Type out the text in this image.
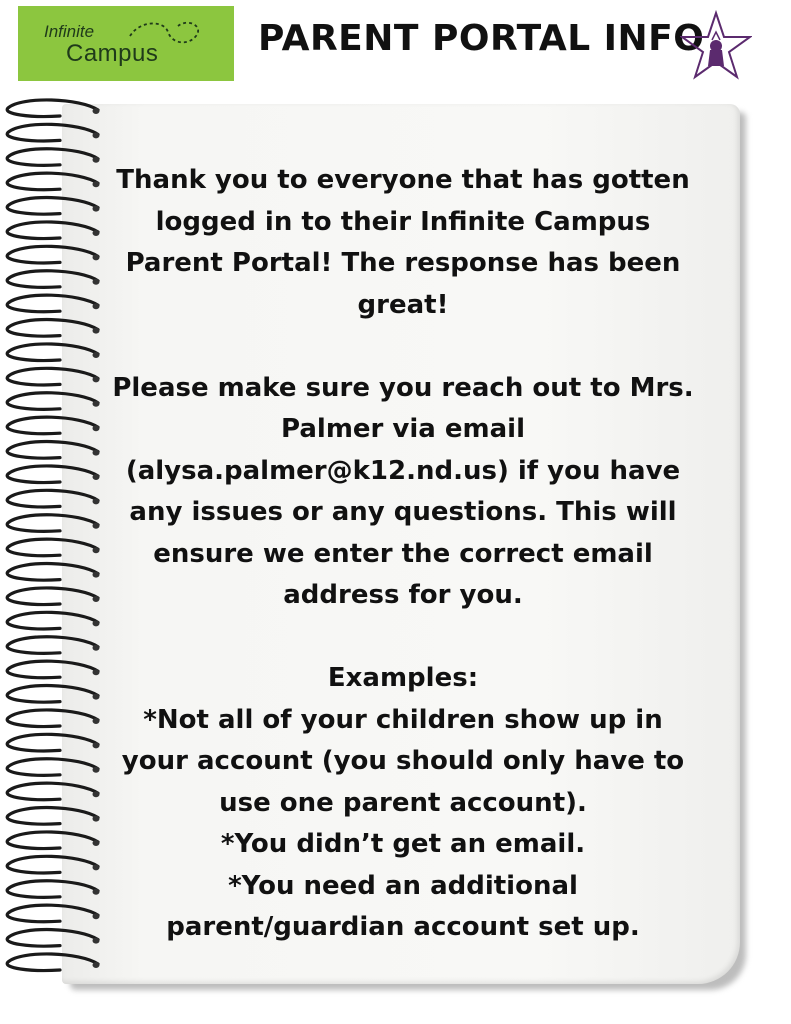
Infinite
Campus	PARENT PORTAL INFO

Thank you to everyone that has gotten

logged in to their Infinite Campus

Parent Portal! The response has been

great!

Please make sure you reach out to Mrs.

Palmer via email

(alysa.palmer@k12.nd.us) if you have

any issues or any questions. This will

ensure we enter the correct email

address for you.

Examples:

*Not all of your children show up in

your account (you should only have to

use one parent account).

*You didn’t get an email.

*You need an additional

parent/guardian account set up.
